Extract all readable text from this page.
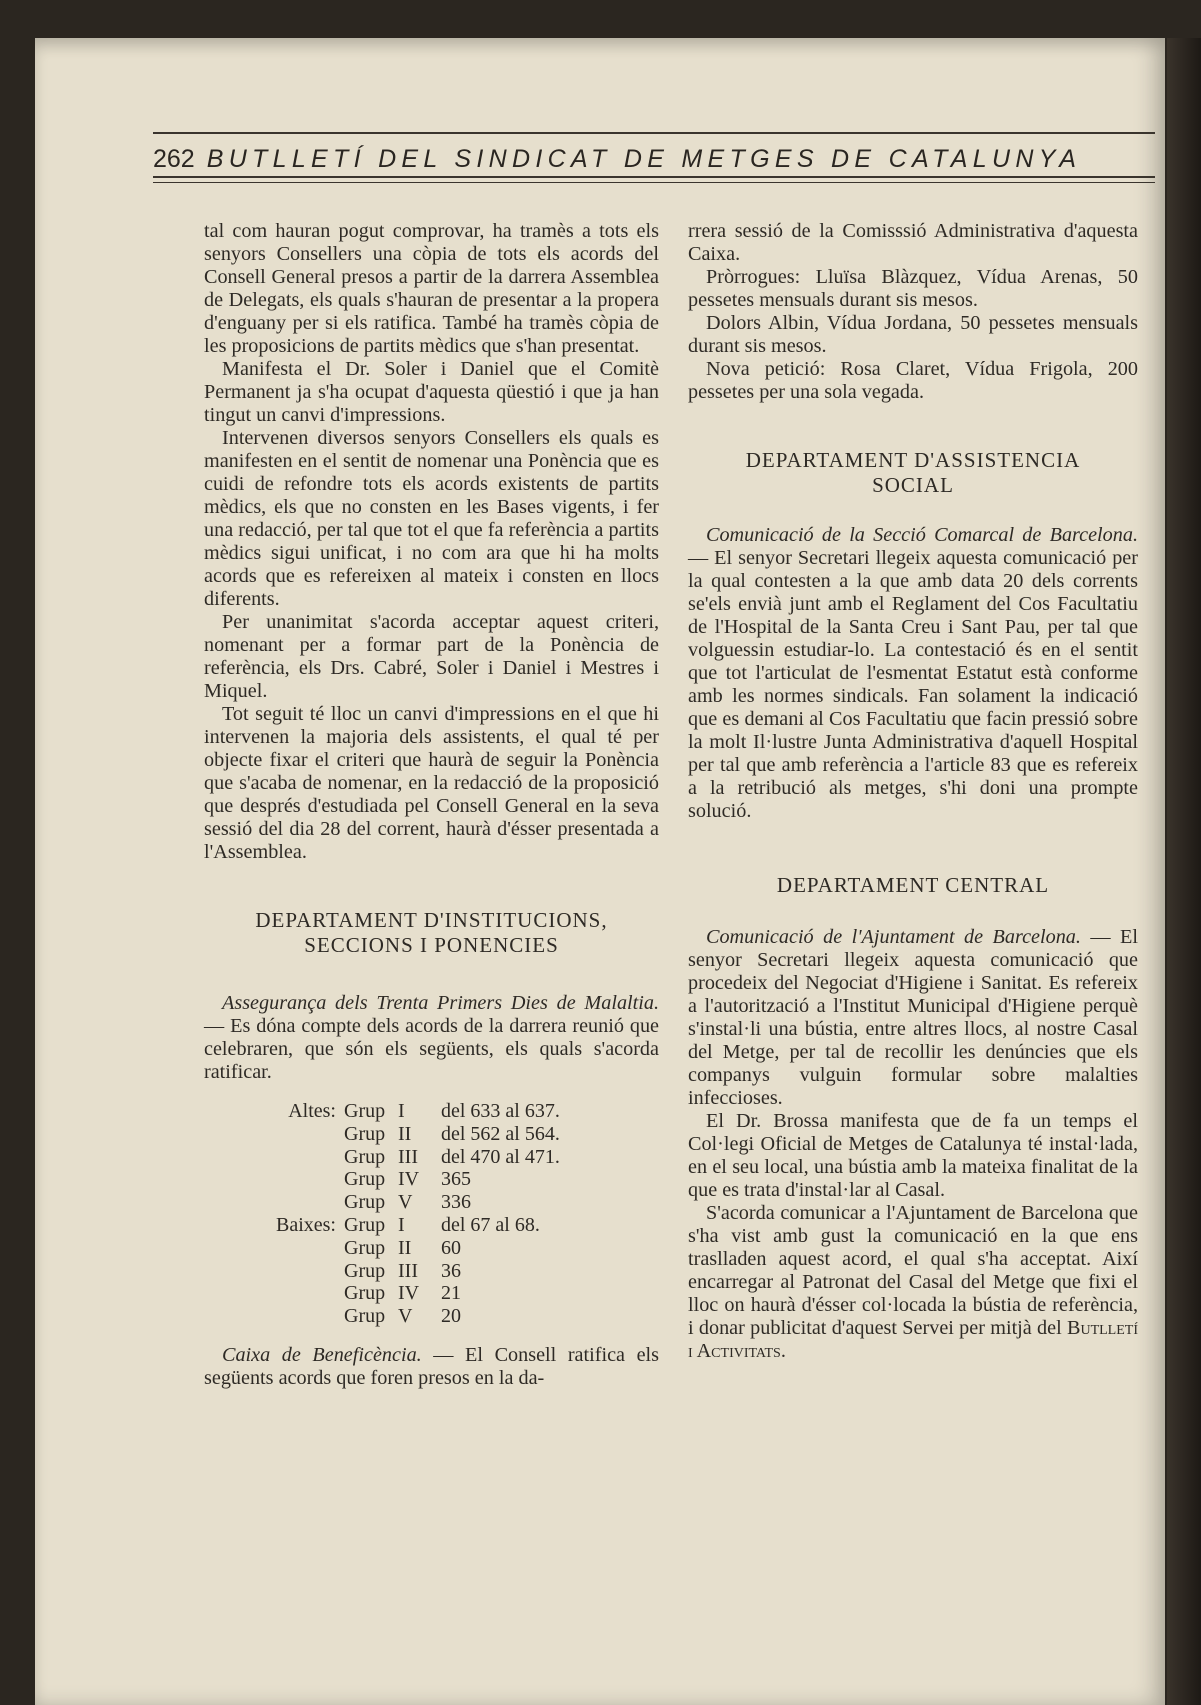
262 BUTLLETÍ DEL SINDICAT DE METGES DE CATALUNYA

tal com hauran pogut comprovar, ha tramès a tots els senyors Consellers una còpia de tots els acords del Consell General presos a partir de la darrera Assemblea de Delegats, els quals s'hauran de presentar a la propera d'enguany per si els ratifica. També ha tramès còpia de les proposicions de partits mèdics que s'han presentat.

Manifesta el Dr. Soler i Daniel que el Comitè Permanent ja s'ha ocupat d'aquesta qüestió i que ja han tingut un canvi d'impressions.

Intervenen diversos senyors Consellers els quals es manifesten en el sentit de nomenar una Ponència que es cuidi de refondre tots els acords existents de partits mèdics, els que no consten en les Bases vigents, i fer una redacció, per tal que tot el que fa referència a partits mèdics sigui unificat, i no com ara que hi ha molts acords que es refereixen al mateix i consten en llocs diferents.

Per unanimitat s'acorda acceptar aquest criteri, nomenant per a formar part de la Ponència de referència, els Drs. Cabré, Soler i Daniel i Mestres i Miquel.

Tot seguit té lloc un canvi d'impressions en el que hi intervenen la majoria dels assistents, el qual té per objecte fixar el criteri que haurà de seguir la Ponència que s'acaba de nomenar, en la redacció de la proposició que després d'estudiada pel Consell General en la seva sessió del dia 28 del corrent, haurà d'ésser presentada a l'Assemblea.

DEPARTAMENT D'INSTITUCIONS,
SECCIONS I PONENCIES

Assegurança dels Trenta Primers Dies de Malaltia. — Es dóna compte dels acords de la darrera reunió que celebraren, que són els següents, els quals s'acorda ratificar.

Altes: Grup I	del 633 al 637.
Grup II	del 562 al 564.
Grup III	del 470 al 471.
Grup IV	365
Grup V	336
Baixes: Grup I	del 67 al 68.
Grup II	60
Grup III	36
Grup IV	21
Grup V	20

Caixa de Beneficència. — El Consell ratifica els següents acords que foren presos en la da-

rrera sessió de la Comisssió Administrativa d'aquesta Caixa.

Pròrrogues: Lluïsa Blàzquez, Vídua Arenas, 50 pessetes mensuals durant sis mesos.

Dolors Albin, Vídua Jordana, 50 pessetes mensuals durant sis mesos.

Nova petició: Rosa Claret, Vídua Frigola, 200 pessetes per una sola vegada.

DEPARTAMENT D'ASSISTENCIA
SOCIAL

Comunicació de la Secció Comarcal de Barcelona. — El senyor Secretari llegeix aquesta comunicació per la qual contesten a la que amb data 20 dels corrents se'els envià junt amb el Reglament del Cos Facultatiu de l'Hospital de la Santa Creu i Sant Pau, per tal que volguessin estudiar-lo. La contestació és en el sentit que tot l'articulat de l'esmentat Estatut està conforme amb les normes sindicals. Fan solament la indicació que es demani al Cos Facultatiu que facin pressió sobre la molt Il·lustre Junta Administrativa d'aquell Hospital per tal que amb referència a l'article 83 que es refereix a la retribució als metges, s'hi doni una prompte solució.

DEPARTAMENT CENTRAL

Comunicació de l'Ajuntament de Barcelona. — El senyor Secretari llegeix aquesta comunicació que procedeix del Negociat d'Higiene i Sanitat. Es refereix a l'autorització a l'Institut Municipal d'Higiene perquè s'instal·li una bústia, entre altres llocs, al nostre Casal del Metge, per tal de recollir les denúncies que els companys vulguin formular sobre malalties infeccioses.

El Dr. Brossa manifesta que de fa un temps el Col·legi Oficial de Metges de Catalunya té instal·lada, en el seu local, una bústia amb la mateixa finalitat de la que es trata d'instal·lar al Casal.

S'acorda comunicar a l'Ajuntament de Barcelona que s'ha vist amb gust la comunicació en la que ens traslladen aquest acord, el qual s'ha acceptat. Així encarregar al Patronat del Casal del Metge que fixi el lloc on haurà d'ésser col·locada la bústia de referència, i donar publicitat d'aquest Servei per mitjà del Butlletí i Activitats.
